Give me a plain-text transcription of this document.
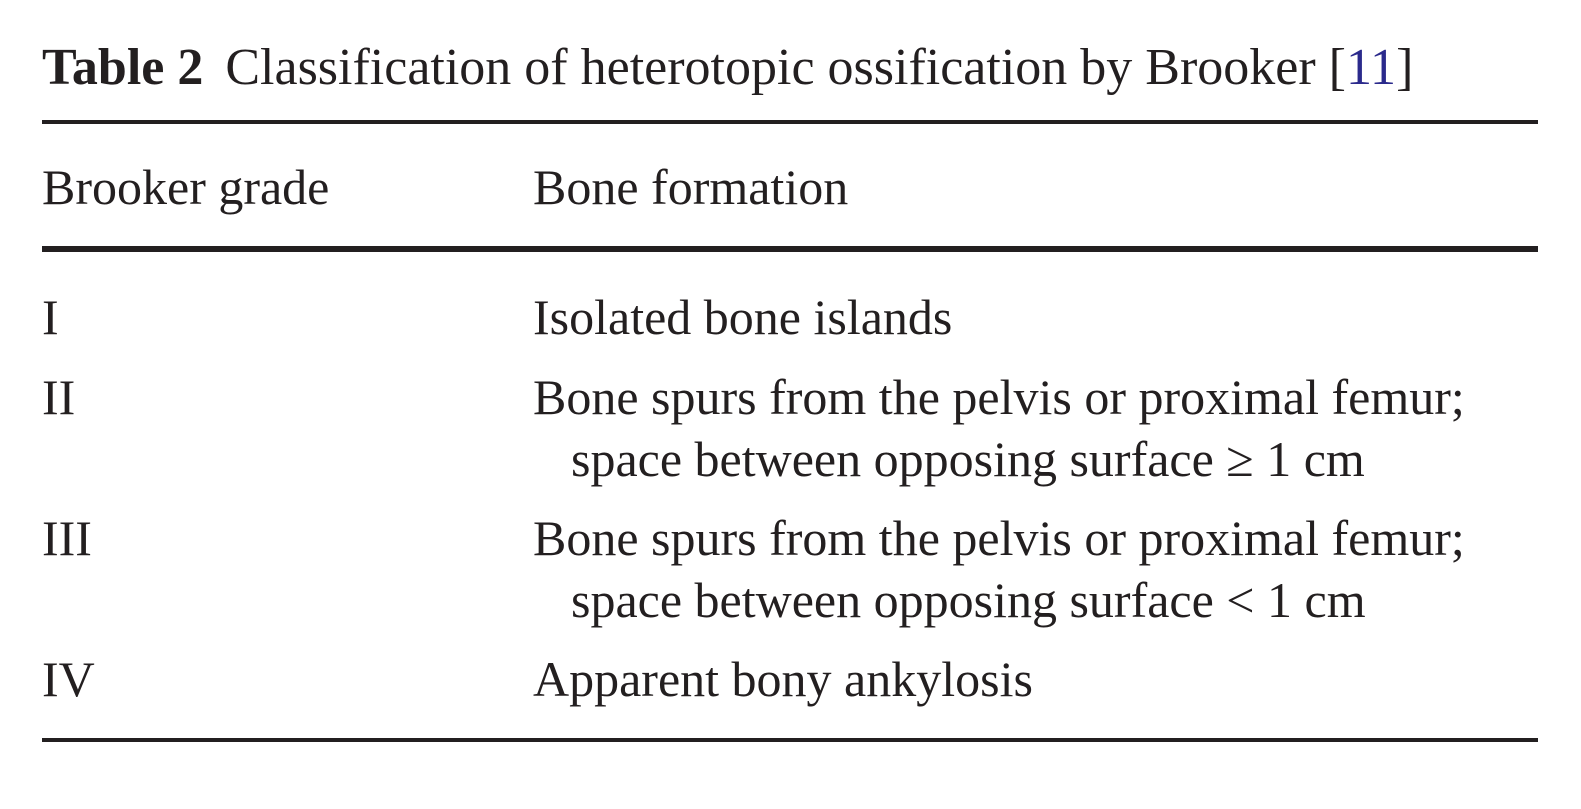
Table 2 Classification of heterotopic ossification by Brooker [11]
Brooker grade	Bone formation
I	Isolated bone islands
II	Bone spurs from the pelvis or proximal femur;
space between opposing surface ≥ 1 cm
III	Bone spurs from the pelvis or proximal femur;
space between opposing surface < 1 cm
IV	Apparent bony ankylosis
